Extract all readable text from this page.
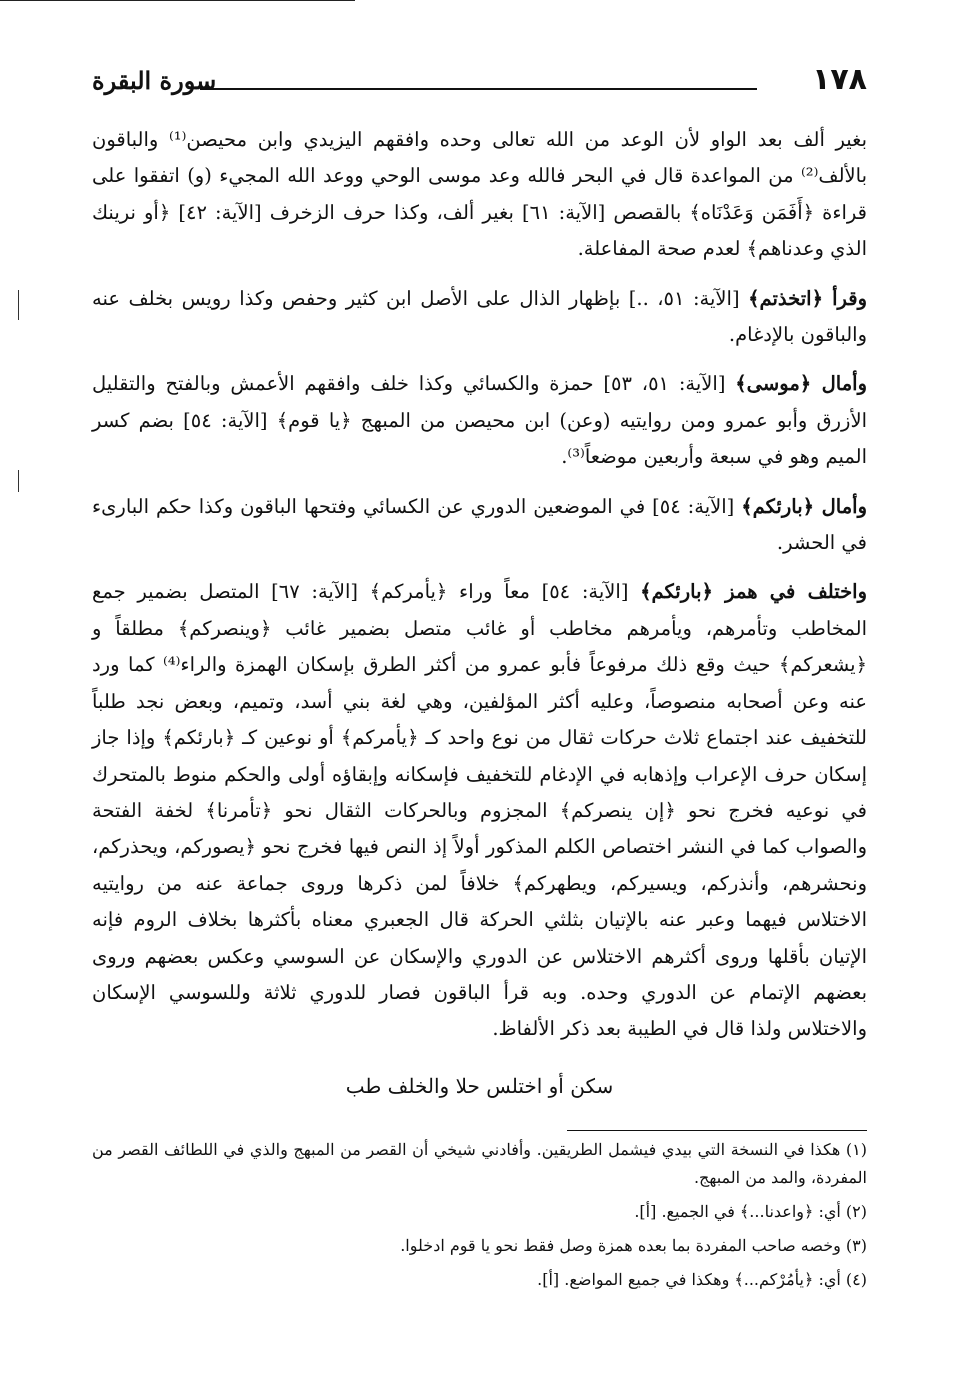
١٧٨
سورة البقرة

بغير ألف بعد الواو لأن الوعد من الله تعالى وحده وافقهم اليزيدي وابن محيصن⁽¹⁾ والباقون بالألف⁽²⁾ من المواعدة قال في البحر فالله وعد موسى الوحي ووعد الله المجيء (و) اتفقوا على قراءة ﴿أَفَمَن وَعَدْنَاه﴾ بالقصص [الآية: ٦١] بغير ألف، وكذا حرف الزخرف [الآية: ٤٢] ﴿أو نرينك الذي وعدناهم﴾ لعدم صحة المفاعلة.

وقرأ ﴿اتخذتم﴾ [الآية: ٥١، ..] بإظهار الذال على الأصل ابن كثير وحفص وكذا رويس بخلف عنه والباقون بالإدغام.

وأمال ﴿موسى﴾ [الآية: ٥١، ٥٣] حمزة والكسائي وكذا خلف وافقهم الأعمش وبالفتح والتقليل الأزرق وأبو عمرو ومن روايتيه (وعن) ابن محيصن من المبهج ﴿يا قوم﴾ [الآية: ٥٤] بضم كسر الميم وهو في سبعة وأربعين موضعاً⁽³⁾.

وأمال ﴿بارئكم﴾ [الآية: ٥٤] في الموضعين الدوري عن الكسائي وفتحها الباقون وكذا حكم البارىء في الحشر.

واختلف في همز ﴿بارئكم﴾ [الآية: ٥٤] معاً وراء ﴿يأمركم﴾ [الآية: ٦٧] المتصل بضمير جمع المخاطب وتأمرهم، ويأمرهم مخاطب أو غائب متصل بضمير غائب ﴿وينصركم﴾ مطلقاً و ﴿يشعركم﴾ حيث وقع ذلك مرفوعاً فأبو عمرو من أكثر الطرق بإسكان الهمزة والراء⁽⁴⁾ كما ورد عنه وعن أصحابه منصوصاً، وعليه أكثر المؤلفين، وهي لغة بني أسد، وتميم، وبعض نجد طلباً للتخفيف عند اجتماع ثلاث حركات ثقال من نوع واحد كـ ﴿يأمركم﴾ أو نوعين كـ ﴿بارئكم﴾ وإذا جاز إسكان حرف الإعراب وإذهابه في الإدغام للتخفيف فإسكانه وإبقاؤه أولى والحكم منوط بالمتحرك في نوعيه فخرج نحو ﴿إن ينصركم﴾ المجزوم وبالحركات الثقال نحو ﴿تأمرنا﴾ لخفة الفتحة والصواب كما في النشر اختصاص الكلم المذكور أولاً إذ النص فيها فخرج نحو ﴿يصوركم، ويحذركم، ونحشرهم، وأنذركم، ويسيركم، ويطهركم﴾ خلافاً لمن ذكرها وروى جماعة عنه من روايتيه الاختلاس فيهما وعبر عنه بالإتيان بثلثي الحركة قال الجعبري معناه بأكثرها بخلاف الروم فإنه الإتيان بأقلها وروى أكثرهم الاختلاس عن الدوري والإسكان عن السوسي وعكس بعضهم وروى بعضهم الإتمام عن الدوري وحده. وبه قرأ الباقون فصار للدوري ثلاثة وللسوسي الإسكان والاختلاس ولذا قال في الطيبة بعد ذكر الألفاظ.

سكن أو اختلس حلا والخلف طب

(١) هكذا في النسخة التي بيدي فيشمل الطريقين. وأفادني شيخي أن القصر من المبهج والذي في اللطائف القصر من المفردة، والمد من المبهج.

(٢) أي: ﴿واعدنا...﴾ في الجميع. [أ].

(٣) وخصه صاحب المفردة بما بعده همزة وصل فقط نحو يا قوم ادخلوا.

(٤) أي: ﴿يأمُرْكم...﴾ وهكذا في جميع المواضع. [أ].
